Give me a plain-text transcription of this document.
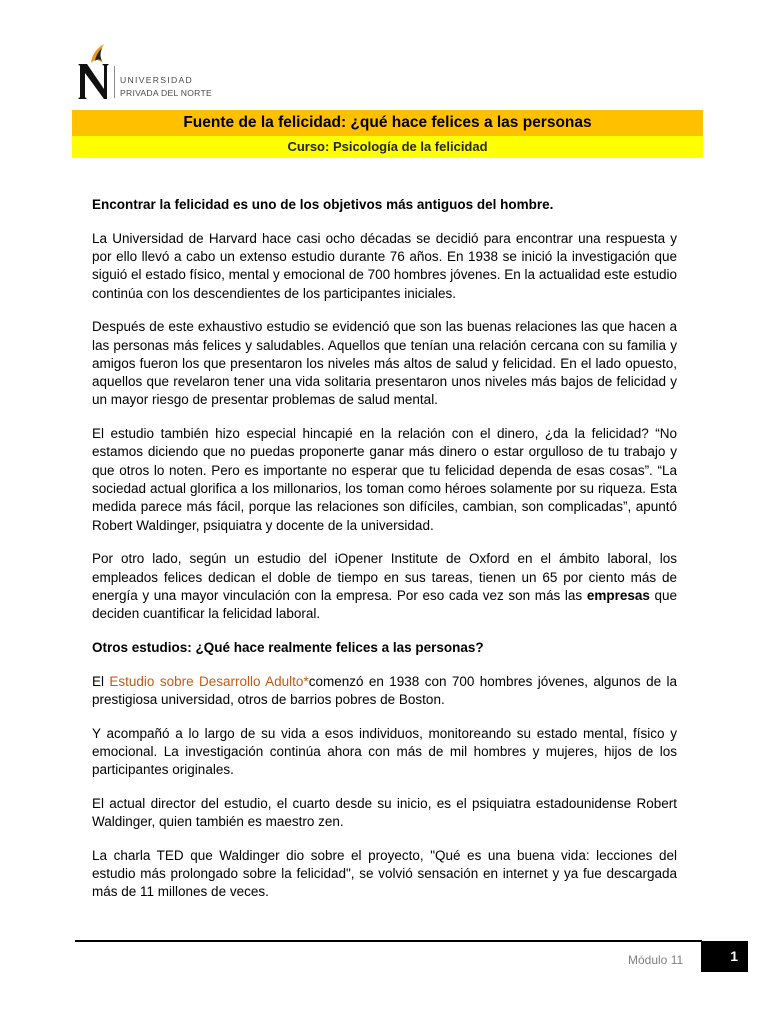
UNIVERSIDAD
PRIVADA DEL NORTE
Fuente de la felicidad: ¿qué hace felices a las personas
Curso: Psicología de la felicidad

Encontrar la felicidad es uno de los objetivos más antiguos del hombre.

La Universidad de Harvard hace casi ocho décadas se decidió para encontrar una respuesta y por ello llevó a cabo un extenso estudio durante 76 años. En 1938 se inició la investigación que siguió el estado físico, mental y emocional de 700 hombres jóvenes. En la actualidad este estudio continúa con los descendientes de los participantes iniciales.

Después de este exhaustivo estudio se evidenció que son las buenas relaciones las que hacen a las personas más felices y saludables. Aquellos que tenían una relación cercana con su familia y amigos fueron los que presentaron los niveles más altos de salud y felicidad. En el lado opuesto, aquellos que revelaron tener una vida solitaria presentaron unos niveles más bajos de felicidad y un mayor riesgo de presentar problemas de salud mental.

El estudio también hizo especial hincapié en la relación con el dinero, ¿da la felicidad? “No estamos diciendo que no puedas proponerte ganar más dinero o estar orgulloso de tu trabajo y que otros lo noten. Pero es importante no esperar que tu felicidad dependa de esas cosas”. “La sociedad actual glorifica a los millonarios, los toman como héroes solamente por su riqueza. Esta medida parece más fácil, porque las relaciones son difíciles, cambian, son complicadas”, apuntó Robert Waldinger, psiquiatra y docente de la universidad.

Por otro lado, según un estudio del iOpener Institute de Oxford en el ámbito laboral, los empleados felices dedican el doble de tiempo en sus tareas, tienen un 65 por ciento más de energía y una mayor vinculación con la empresa. Por eso cada vez son más las empresas que deciden cuantificar la felicidad laboral.

Otros estudios: ¿Qué hace realmente felices a las personas?

El Estudio sobre Desarrollo Adulto*comenzó en 1938 con 700 hombres jóvenes, algunos de la prestigiosa universidad, otros de barrios pobres de Boston.

Y acompañó a lo largo de su vida a esos individuos, monitoreando su estado mental, físico y emocional. La investigación continúa ahora con más de mil hombres y mujeres, hijos de los participantes originales.

El actual director del estudio, el cuarto desde su inicio, es el psiquiatra estadounidense Robert Waldinger, quien también es maestro zen.

La charla TED que Waldinger dio sobre el proyecto, "Qué es una buena vida: lecciones del estudio más prolongado sobre la felicidad", se volvió sensación en internet y ya fue descargada más de 11 millones de veces.

Módulo 11	1
